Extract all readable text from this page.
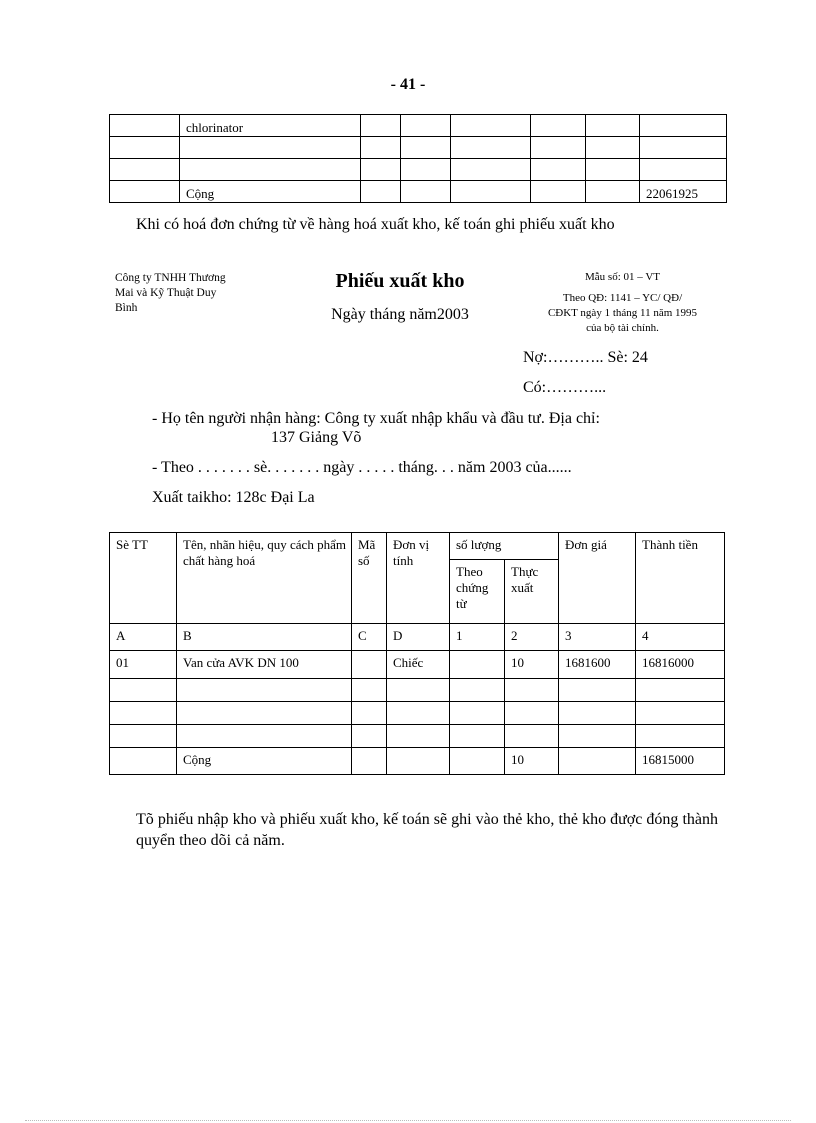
- 41 -
	chlorinator						

	Cộng						22061925
Khi có hoá đơn chứng từ về hàng hoá xuất kho, kế toán ghi phiếu xuất kho
Công ty TNHH Thương
Mai và Kỹ Thuật Duy
Bình
Phiếu xuất kho
Ngày tháng năm2003
Mẫu số: 01 – VT
Theo QĐ: 1141 – YC/ QĐ/
CĐKT ngày 1 tháng 11 năm 1995
của bộ tài chính.
Nợ:……….. Sè: 24
Có:………...
- Họ tên người nhận hàng: Công ty xuất nhập khẩu và đầu tư. Địa chỉ:
137 Giảng Võ
- Theo . . . . . . . sè. . . . . . . ngày . . . . . tháng. . . năm 2003 của......
Xuất taikho: 128c Đại La
Sè TT	Tên, nhãn hiệu, quy cách phẩm chất hàng hoá	Mã số	Đơn vị tính	số lượng		Đơn giá	Thành tiền
				Theo chứng từ	Thực xuất		
A	B	C	D	1	2	3	4
01	Van cửa AVK DN 100		Chiếc		10	1681600	16816000

	Cộng				10		16815000
Tõ phiếu nhập kho và phiếu xuất kho, kế toán sẽ ghi vào thẻ kho, thẻ kho được đóng thành quyển theo dõi cả năm.
